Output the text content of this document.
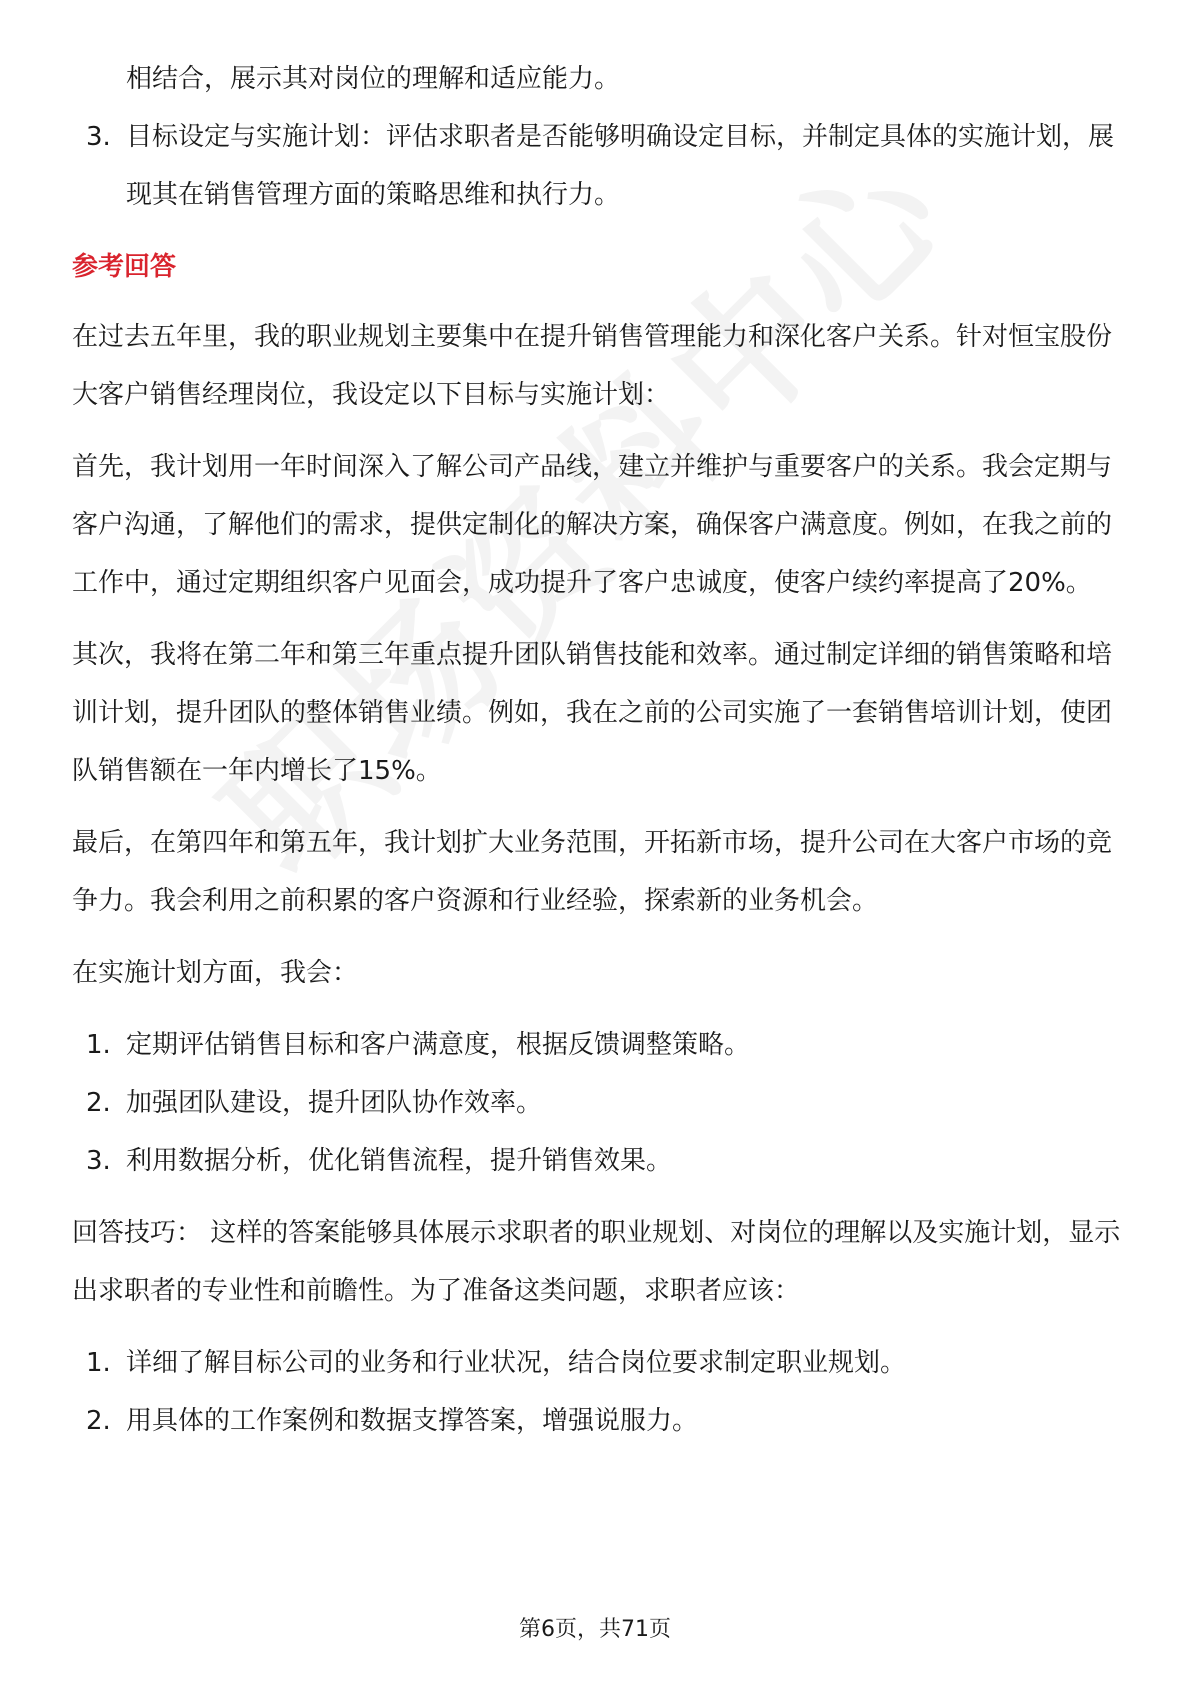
相结合，展示其对岗位的理解和适应能力。

3. 目标设定与实施计划：评估求职者是否能够明确设定目标，并制定具体的实施计划，展现其在销售管理方面的策略思维和执行力。
参考回答

在过去五年里，我的职业规划主要集中在提升销售管理能力和深化客户关系。针对恒宝股份大客户销售经理岗位，我设定以下目标与实施计划：

首先，我计划用一年时间深入了解公司产品线，建立并维护与重要客户的关系。我会定期与客户沟通，了解他们的需求，提供定制化的解决方案，确保客户满意度。例如，在我之前的工作中，通过定期组织客户见面会，成功提升了客户忠诚度，使客户续约率提高了20%。

其次，我将在第二年和第三年重点提升团队销售技能和效率。通过制定详细的销售策略和培训计划，提升团队的整体销售业绩。例如，我在之前的公司实施了一套销售培训计划，使团队销售额在一年内增长了15%。

最后，在第四年和第五年，我计划扩大业务范围，开拓新市场，提升公司在大客户市场的竞争力。我会利用之前积累的客户资源和行业经验，探索新的业务机会。

在实施计划方面，我会：

1. 定期评估销售目标和客户满意度，根据反馈调整策略。
2. 加强团队建设，提升团队协作效率。
3. 利用数据分析，优化销售流程，提升销售效果。

回答技巧： 这样的答案能够具体展示求职者的职业规划、对岗位的理解以及实施计划，显示出求职者的专业性和前瞻性。为了准备这类问题，求职者应该：

1. 详细了解目标公司的业务和行业状况，结合岗位要求制定职业规划。
2. 用具体的工作案例和数据支撑答案，增强说服力。
第6页，共71页
